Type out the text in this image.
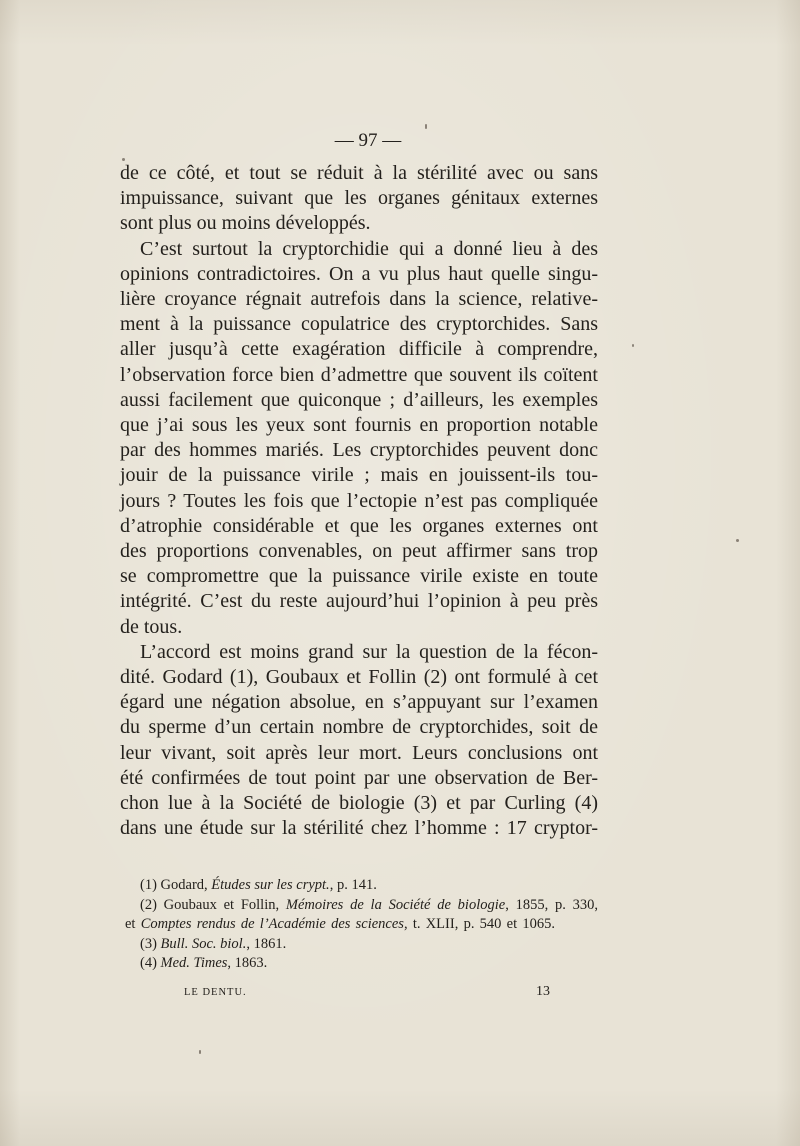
— 97 —
de ce côté, et tout se réduit à la stérilité avec ou sans
impuissance, suivant que les organes génitaux externes
sont plus ou moins développés.
C’est surtout la cryptorchidie qui a donné lieu à des
opinions contradictoires. On a vu plus haut quelle singu-
lière croyance régnait autrefois dans la science, relative-
ment à la puissance copulatrice des cryptorchides. Sans
aller jusqu’à cette exagération difficile à comprendre,
l’observation force bien d’admettre que souvent ils coïtent
aussi facilement que quiconque ; d’ailleurs, les exemples
que j’ai sous les yeux sont fournis en proportion notable
par des hommes mariés. Les cryptorchides peuvent donc
jouir de la puissance virile ; mais en jouissent-ils tou-
jours ? Toutes les fois que l’ectopie n’est pas compliquée
d’atrophie considérable et que les organes externes ont
des proportions convenables, on peut affirmer sans trop
se compromettre que la puissance virile existe en toute
intégrité. C’est du reste aujourd’hui l’opinion à peu près
de tous.
L’accord est moins grand sur la question de la fécon-
dité. Godard (1), Goubaux et Follin (2) ont formulé à cet
égard une négation absolue, en s’appuyant sur l’examen
du sperme d’un certain nombre de cryptorchides, soit de
leur vivant, soit après leur mort. Leurs conclusions ont
été confirmées de tout point par une observation de Ber-
chon lue à la Société de biologie (3) et par Curling (4)
dans une étude sur la stérilité chez l’homme : 17 cryptor-
(1) Godard, Études sur les crypt., p. 141.
(2) Goubaux et Follin, Mémoires de la Société de biologie, 1855, p. 330,
et Comptes rendus de l’Académie des sciences, t. XLII, p. 540 et 1065.
(3) Bull. Soc. biol., 1861.
(4) Med. Times, 1863.
LE DENTU.	13
